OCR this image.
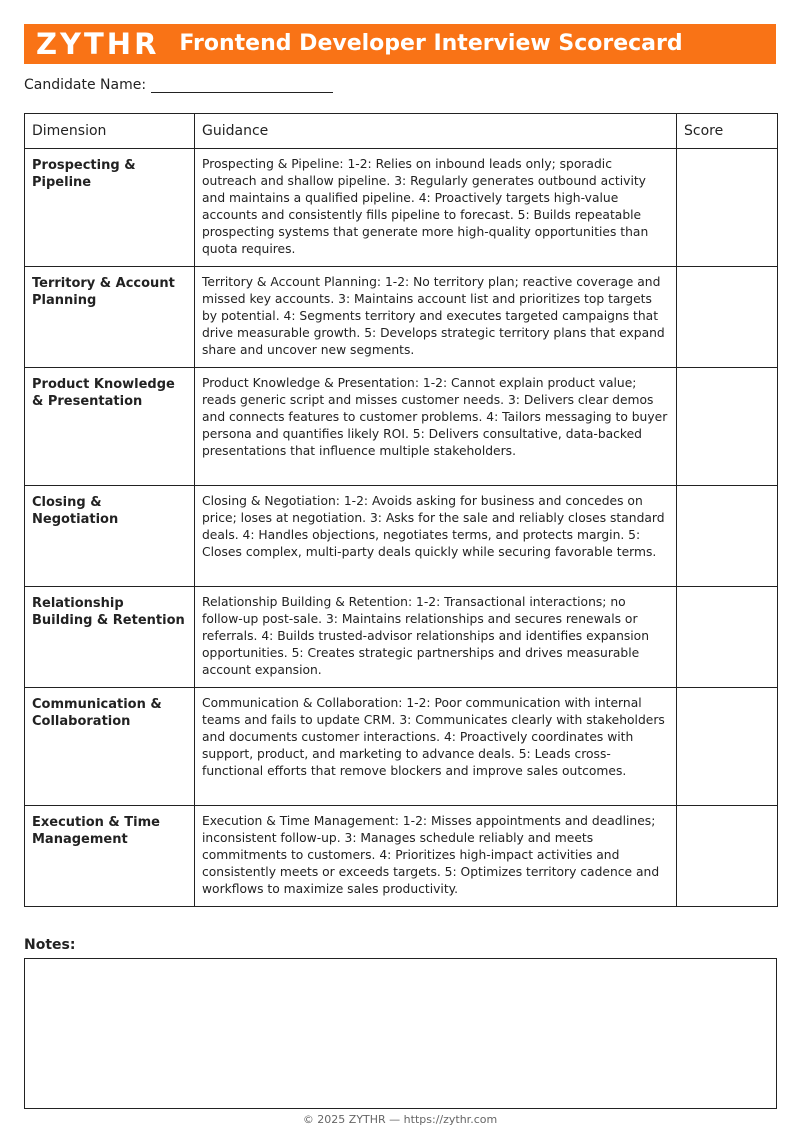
ZYTHR Frontend Developer Interview Scorecard
Candidate Name:
Dimension	Guidance	Score
Prospecting & Pipeline	Prospecting & Pipeline: 1-2: Relies on inbound leads only; sporadic outreach and shallow pipeline. 3: Regularly generates outbound activity and maintains a qualified pipeline. 4: Proactively targets high-value accounts and consistently fills pipeline to forecast. 5: Builds repeatable prospecting systems that generate more high-quality opportunities than quota requires.	
Territory & Account Planning	Territory & Account Planning: 1-2: No territory plan; reactive coverage and missed key accounts. 3: Maintains account list and prioritizes top targets by potential. 4: Segments territory and executes targeted campaigns that drive measurable growth. 5: Develops strategic territory plans that expand share and uncover new segments.	
Product Knowledge & Presentation	Product Knowledge & Presentation: 1-2: Cannot explain product value; reads generic script and misses customer needs. 3: Delivers clear demos and connects features to customer problems. 4: Tailors messaging to buyer persona and quantifies likely ROI. 5: Delivers consultative, data-backed presentations that influence multiple stakeholders.	
Closing & Negotiation	Closing & Negotiation: 1-2: Avoids asking for business and concedes on price; loses at negotiation. 3: Asks for the sale and reliably closes standard deals. 4: Handles objections, negotiates terms, and protects margin. 5: Closes complex, multi-party deals quickly while securing favorable terms.	
Relationship Building & Retention	Relationship Building & Retention: 1-2: Transactional interactions; no follow-up post-sale. 3: Maintains relationships and secures renewals or referrals. 4: Builds trusted-advisor relationships and identifies expansion opportunities. 5: Creates strategic partnerships and drives measurable account expansion.	
Communication & Collaboration	Communication & Collaboration: 1-2: Poor communication with internal teams and fails to update CRM. 3: Communicates clearly with stakeholders and documents customer interactions. 4: Proactively coordinates with support, product, and marketing to advance deals. 5: Leads cross-functional efforts that remove blockers and improve sales outcomes.	
Execution & Time Management	Execution & Time Management: 1-2: Misses appointments and deadlines; inconsistent follow-up. 3: Manages schedule reliably and meets commitments to customers. 4: Prioritizes high-impact activities and consistently meets or exceeds targets. 5: Optimizes territory cadence and workflows to maximize sales productivity.	
Notes:
© 2025 ZYTHR — https://zythr.com
